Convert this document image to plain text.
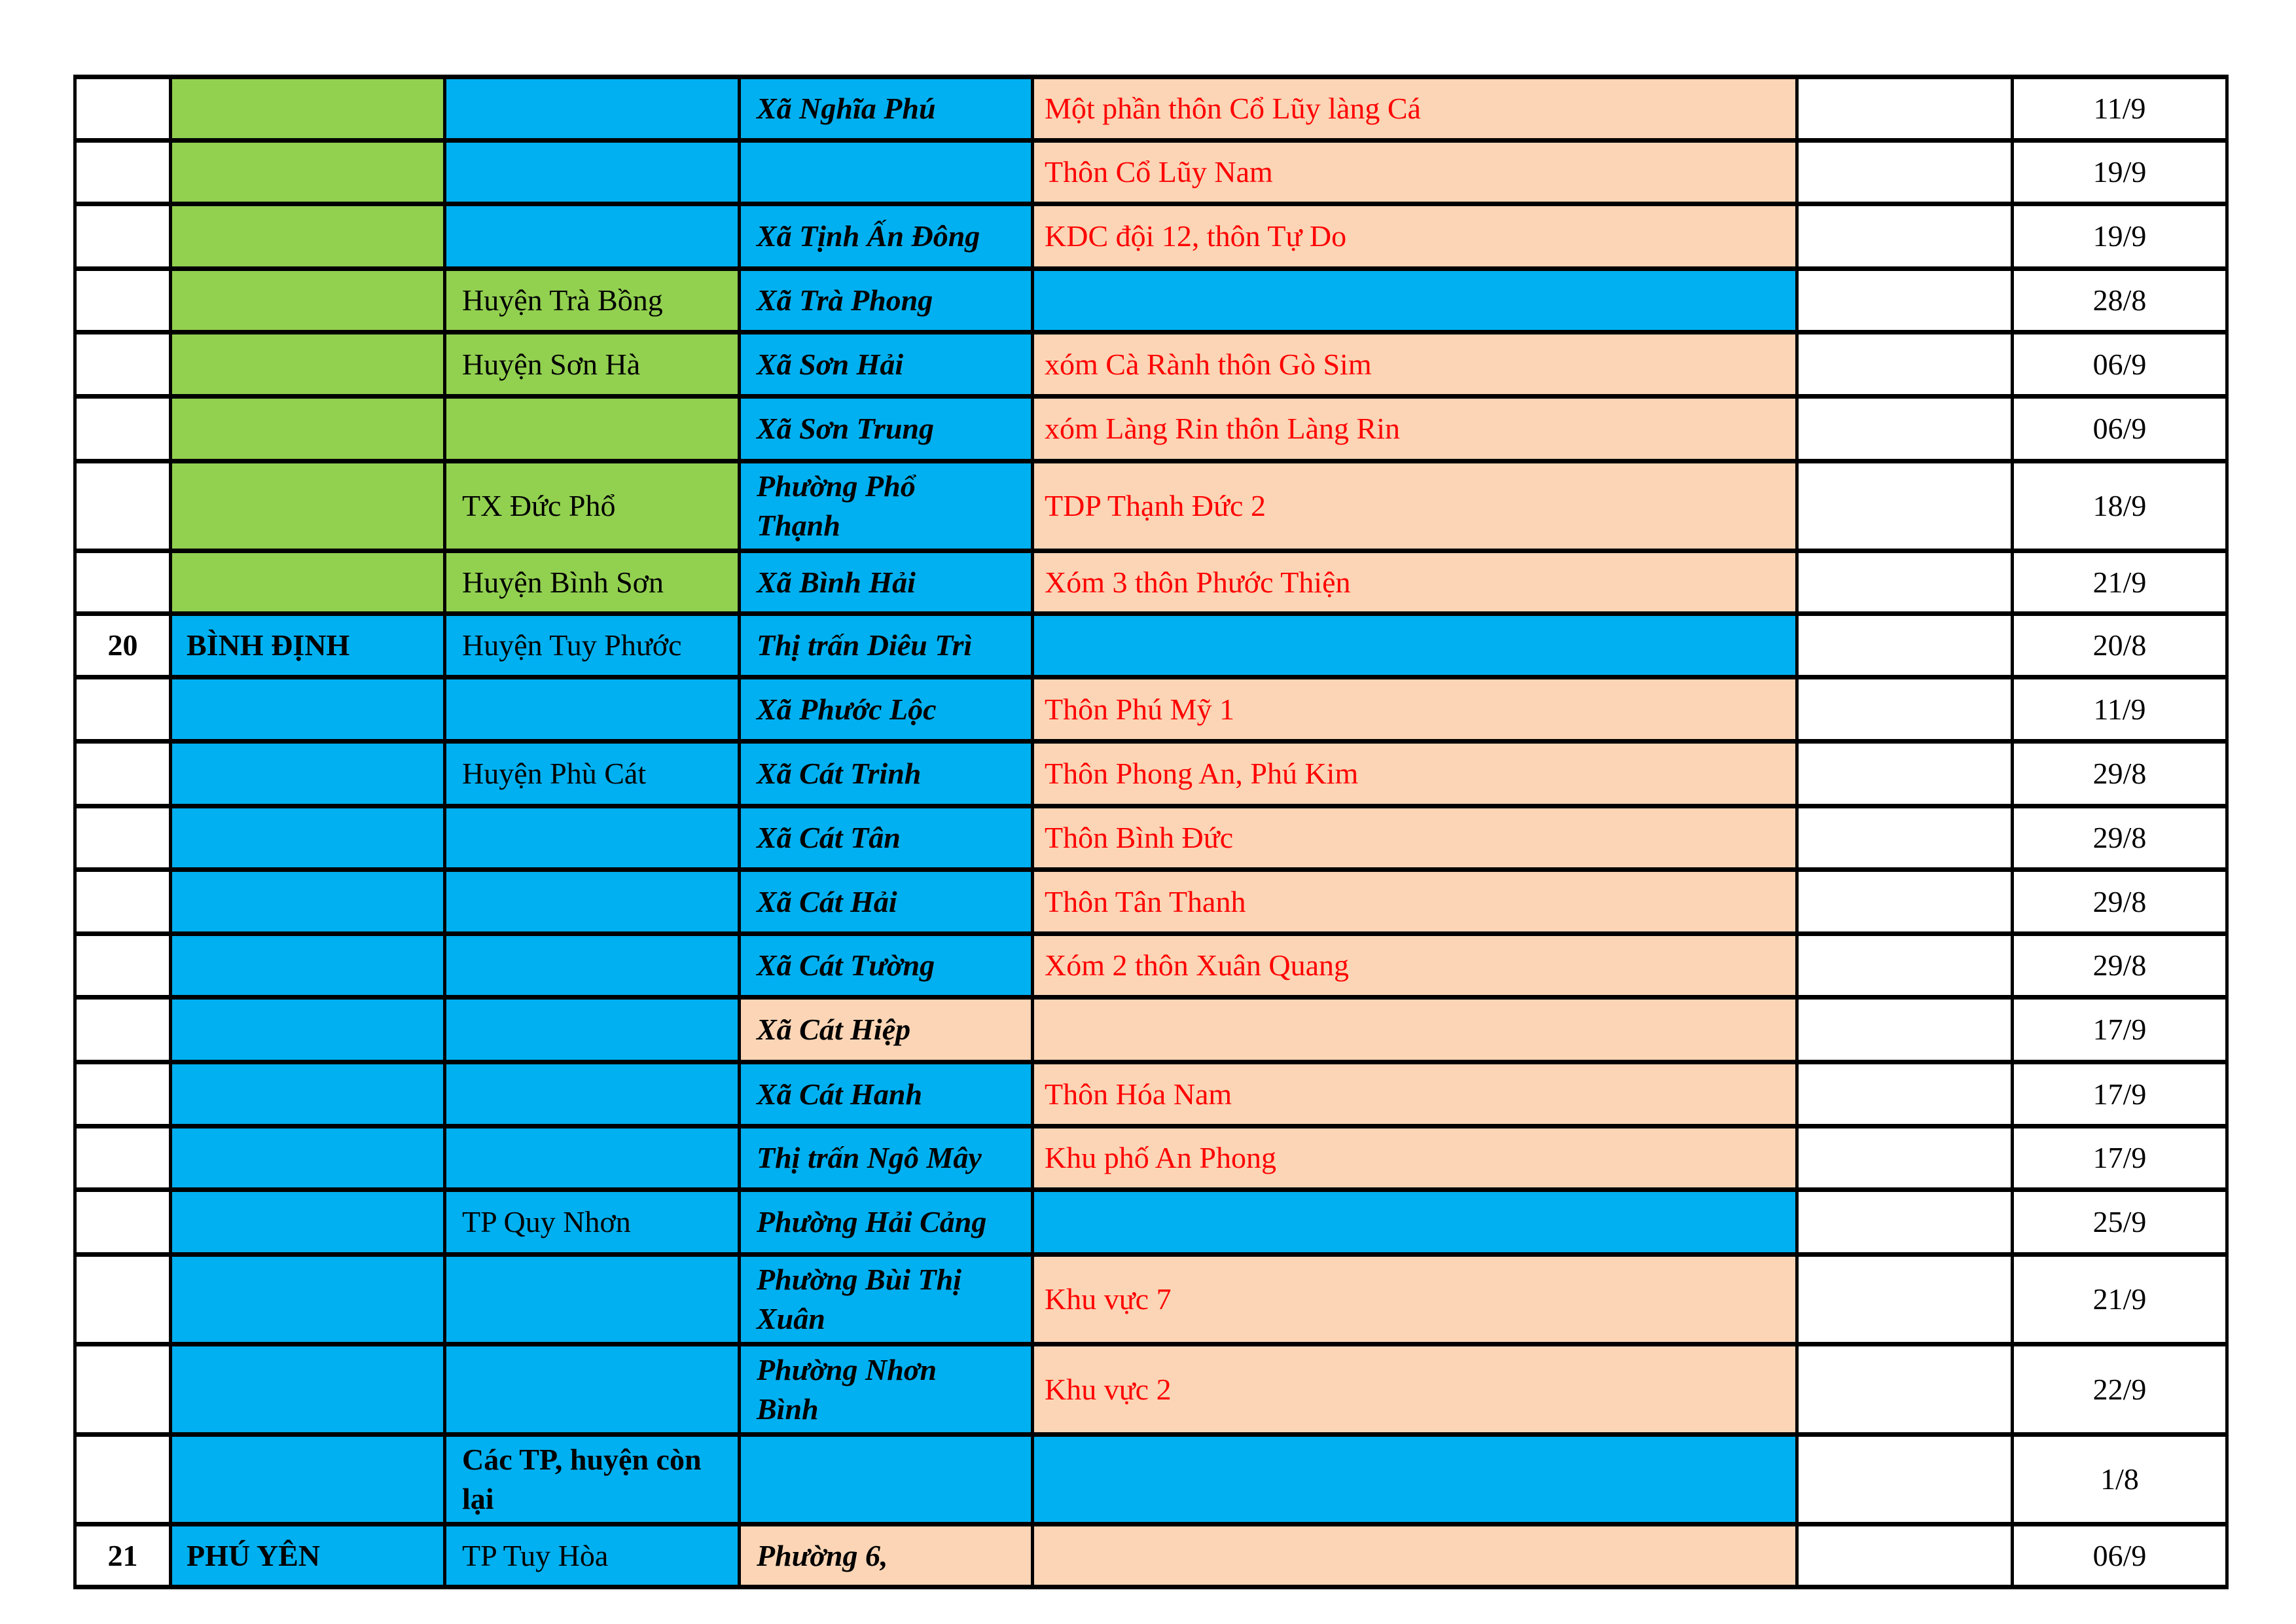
			Xã Nghĩa Phú	Một phần thôn Cổ Lũy làng Cá		11/9
				Thôn Cổ Lũy Nam		19/9
			Xã Tịnh Ấn Đông	KDC đội 12, thôn Tự Do		19/9
		Huyện Trà Bồng	Xã Trà Phong			28/8
		Huyện Sơn Hà	Xã Sơn Hải	xóm Cà Rành thôn Gò Sim		06/9
			Xã Sơn Trung	xóm Làng Rin thôn Làng Rin		06/9
		TX Đức Phổ	Phường Phổ Thạnh	TDP Thạnh Đức 2		18/9
		Huyện Bình Sơn	Xã Bình Hải	Xóm 3 thôn Phước Thiện		21/9
20	BÌNH ĐỊNH	Huyện Tuy Phước	Thị trấn Diêu Trì			20/8
			Xã Phước Lộc	Thôn Phú Mỹ 1		11/9
		Huyện Phù Cát	Xã Cát Trinh	Thôn Phong An, Phú Kim		29/8
			Xã Cát Tân	Thôn Bình Đức		29/8
			Xã Cát Hải	Thôn Tân Thanh		29/8
			Xã Cát Tường	Xóm 2 thôn Xuân Quang		29/8
			Xã Cát Hiệp			17/9
			Xã Cát Hanh	Thôn Hóa Nam		17/9
			Thị trấn Ngô Mây	Khu phố An Phong		17/9
		TP Quy Nhơn	Phường Hải Cảng			25/9
			Phường Bùi Thị Xuân	Khu vực 7		21/9
			Phường Nhơn Bình	Khu vực 2		22/9
		Các TP, huyện còn lại				1/8
21	PHÚ YÊN	TP Tuy Hòa	Phường 6,			06/9
